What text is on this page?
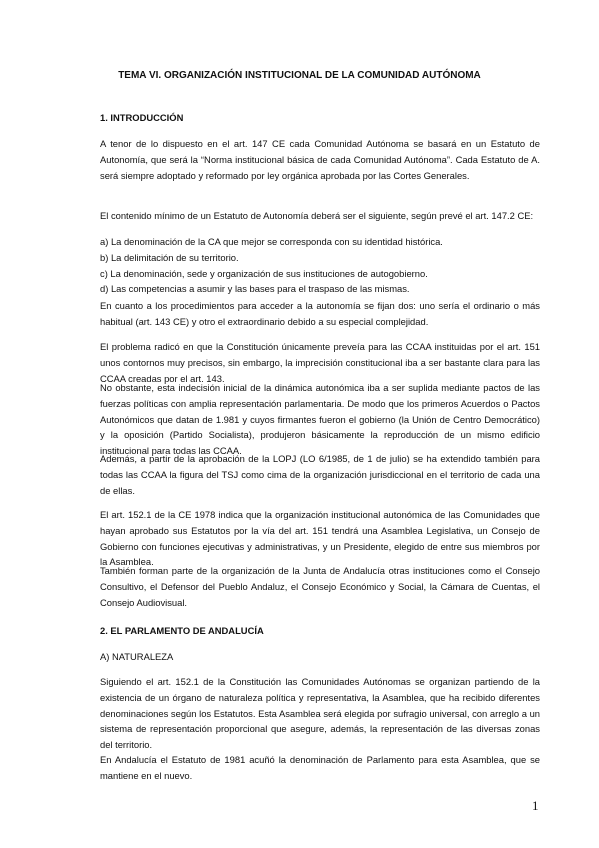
TEMA VI. ORGANIZACIÓN INSTITUCIONAL DE LA COMUNIDAD AUTÓNOMA
1. INTRODUCCIÓN

A tenor de lo dispuesto en el art. 147 CE cada Comunidad Autónoma se basará en un Estatuto de Autonomía, que será la “Norma institucional básica de cada Comunidad Autónoma”. Cada Estatuto de A. será siempre adoptado y reformado por ley orgánica aprobada por las Cortes Generales.

El contenido mínimo de un Estatuto de Autonomía deberá ser el siguiente, según prevé el art. 147.2 CE:

a) La denominación de la CA que mejor se corresponda con su identidad histórica.
b) La delimitación de su territorio.
c) La denominación, sede y organización de sus instituciones de autogobierno.
d) Las competencias a asumir y las bases para el traspaso de las mismas.

En cuanto a los procedimientos para acceder a la autonomía se fijan dos: uno sería el ordinario o más habitual (art. 143 CE) y otro el extraordinario debido a su especial complejidad.

El problema radicó en que la Constitución únicamente preveía para las CCAA instituidas por el art. 151 unos contornos muy precisos, sin embargo, la imprecisión constitucional iba a ser bastante clara para las CCAA creadas por el art. 143.

No obstante, esta indecisión inicial de la dinámica autonómica iba a ser suplida mediante pactos de las fuerzas políticas con amplia representación parlamentaria. De modo que los primeros Acuerdos o Pactos Autonómicos que datan de 1.981 y cuyos firmantes fueron el gobierno (la Unión de Centro Democrático) y la oposición (Partido Socialista), produjeron básicamente la reproducción de un mismo edificio institucional para todas las CCAA.

Además, a partir de la aprobación de la LOPJ (LO 6/1985, de 1 de julio) se ha extendido también para todas las CCAA la figura del TSJ como cima de la organización jurisdiccional en el territorio de cada una de ellas.

El art. 152.1 de la CE 1978 indica que la organización institucional autonómica de las Comunidades que hayan aprobado sus Estatutos por la vía del art. 151 tendrá una Asamblea Legislativa, un Consejo de Gobierno con funciones ejecutivas y administrativas, y un Presidente, elegido de entre sus miembros por la Asamblea.

También forman parte de la organización de la Junta de Andalucía otras instituciones como el Consejo Consultivo, el Defensor del Pueblo Andaluz, el Consejo Económico y Social, la Cámara de Cuentas, el Consejo Audiovisual.

2. EL PARLAMENTO DE ANDALUCÍA
A) NATURALEZA

Siguiendo el art. 152.1 de la Constitución las Comunidades Autónomas se organizan partiendo de la existencia de un órgano de naturaleza política y representativa, la Asamblea, que ha recibido diferentes denominaciones según los Estatutos. Esta Asamblea será elegida por sufragio universal, con arreglo a un sistema de representación proporcional que asegure, además, la representación de las diversas zonas del territorio.

En Andalucía el Estatuto de 1981 acuñó la denominación de Parlamento para esta Asamblea, que se mantiene en el nuevo.

1
